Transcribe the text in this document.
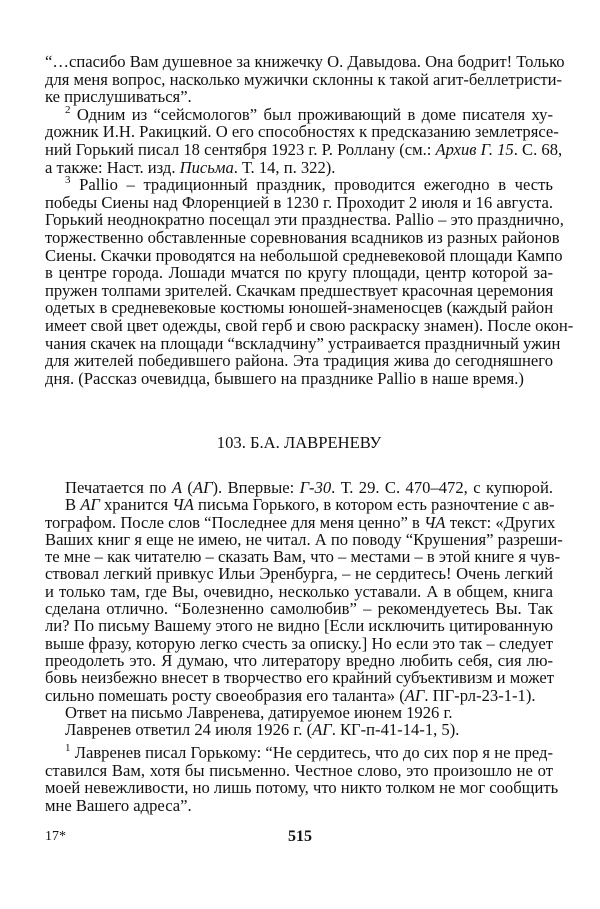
“…спасибо Вам душевное за книжечку О. Давыдова. Она бодрит! Только
для меня вопрос, насколько мужички склонны к такой агит-беллетристи-
ке прислушиваться”.
$^2$ Одним из “сейсмологов” был проживающий в доме писателя ху-
дожник И.Н. Ракицкий. О его способностях к предсказанию землетрясе-
ний Горький писал 18 сентября 1923 г. Р. Роллану (см.: Архив Г. 15. С. 68,
а также: Наст. изд. Письма. Т. 14, п. 322).
$^3$ Pallio – традиционный праздник, проводится ежегодно в честь
победы Сиены над Флоренцией в 1230 г. Проходит 2 июля и 16 августа.
Горький неоднократно посещал эти празднества. Pallio – это празднично,
торжественно обставленные соревнования всадников из разных районов
Сиены. Скачки проводятся на небольшой средневековой площади Кампо
в центре города. Лошади мчатся по кругу площади, центр которой за-
пружен толпами зрителей. Скачкам предшествует красочная церемония
одетых в средневековые костюмы юношей-знаменосцев (каждый район
имеет свой цвет одежды, свой герб и свою раскраску знамен). После окон-
чания скачек на площади “вскладчину” устраивается праздничный ужин
для жителей победившего района. Эта традиция жива до сегодняшнего
дня. (Рассказ очевидца, бывшего на празднике Pallio в наше время.)
103. Б.А. ЛАВРЕНЕВУ
Печатается по А (АГ). Впервые: Г-30. Т. 29. С. 470–472, с купюрой.
В АГ хранится ЧА письма Горького, в котором есть разночтение с ав-
тографом. После слов “Последнее для меня ценно” в ЧА текст: «Других
Ваших книг я еще не имею, не читал. А по поводу “Крушения” разреши-
те мне – как читателю – сказать Вам, что – местами – в этой книге я чув-
ствовал легкий привкус Ильи Эренбурга, – не сердитесь! Очень легкий
и только там, где Вы, очевидно, несколько уставали. А в общем, книга
сделана отлично. “Болезненно самолюбив” – рекомендуетесь Вы. Так
ли? По письму Вашему этого не видно [Если исключить цитированную
выше фразу, которую легко счесть за описку.] Но если это так – следует
преодолеть это. Я думаю, что литератору вредно любить себя, сия лю-
бовь неизбежно внесет в творчество его крайний субъективизм и может
сильно помешать росту своеобразия его таланта» (АГ. ПГ-рл-23-1-1).
Ответ на письмо Лавренева, датируемое июнем 1926 г.
Лавренев ответил 24 июля 1926 г. (АГ. КГ-п-41-14-1, 5).
$^1$ Лавренев писал Горькому: “Не сердитесь, что до сих пор я не пред-
ставился Вам, хотя бы письменно. Честное слово, это произошло не от
моей невежливости, но лишь потому, что никто толком не мог сообщить
мне Вашего адреса”.
17*	515
